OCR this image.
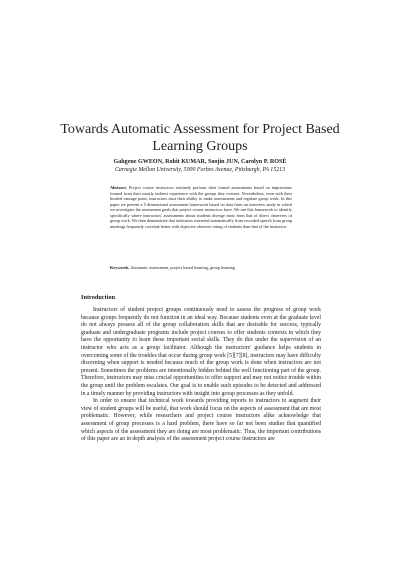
Towards Automatic Assessment for Project Based Learning Groups
Gahgene GWEON, Rohit KUMAR, Soojin JUN, Carolyn P. ROSÉ
Carnegie Mellon University, 5000 Forbes Avenue, Pittsburgh, PA 15213
Abstract. Project course instructors routinely perform their formal assessments based on impressions formed from their mostly indirect experience with the groups they oversee. Nevertheless, even with their limited vantage point, instructors trust their ability to make assessments and regulate group work. In this paper we present a 5 dimensional assessment framework based on data from an interview study in which we investigate the assessment goals that project course instructors have. We use this framework to identify specifically where instructors' assessments about students diverge most from that of direct observers of group work. We then demonstrate that indicators extracted automatically from recorded speech from group meetings frequently correlate better with objective observer rating of students than that of the instructor.
Keywords. Automatic assessment, project based learning, group learning
Introduction

Instructors of student project groups continuously need to assess the progress of group work because groups frequently do not function in an ideal way. Because students even at the graduate level do not always possess all of the group collaboration skills that are desirable for success, typically graduate and undergraduate programs include project courses to offer students contexts in which they have the opportunity to learn these important social skills. They do this under the supervision of an instructor who acts as a group facilitator. Although the instructors' guidance helps students in overcoming some of the troubles that occur during group work [5][7][8], instructors may have difficulty discerning when support is needed because much of the group work is done when instructors are not present. Sometimes the problems are intentionally hidden behind the well functioning part of the group. Therefore, instructors may miss crucial opportunities to offer support and may not notice trouble within the group until the problem escalates. Our goal is to enable such episodes to be detected and addressed in a timely manner by providing instructors with insight into group processes as they unfold.

In order to ensure that technical work towards providing reports to instructors to augment their view of student groups will be useful, that work should focus on the aspects of assessment that are most problematic. However, while researchers and project course instructors alike acknowledge that assessment of group processes is a hard problem, there have so far not been studies that quantified which aspects of the assessment they are doing are most problematic. Thus, the important contributions of this paper are an in depth analysis of the assessment project course instructors are
